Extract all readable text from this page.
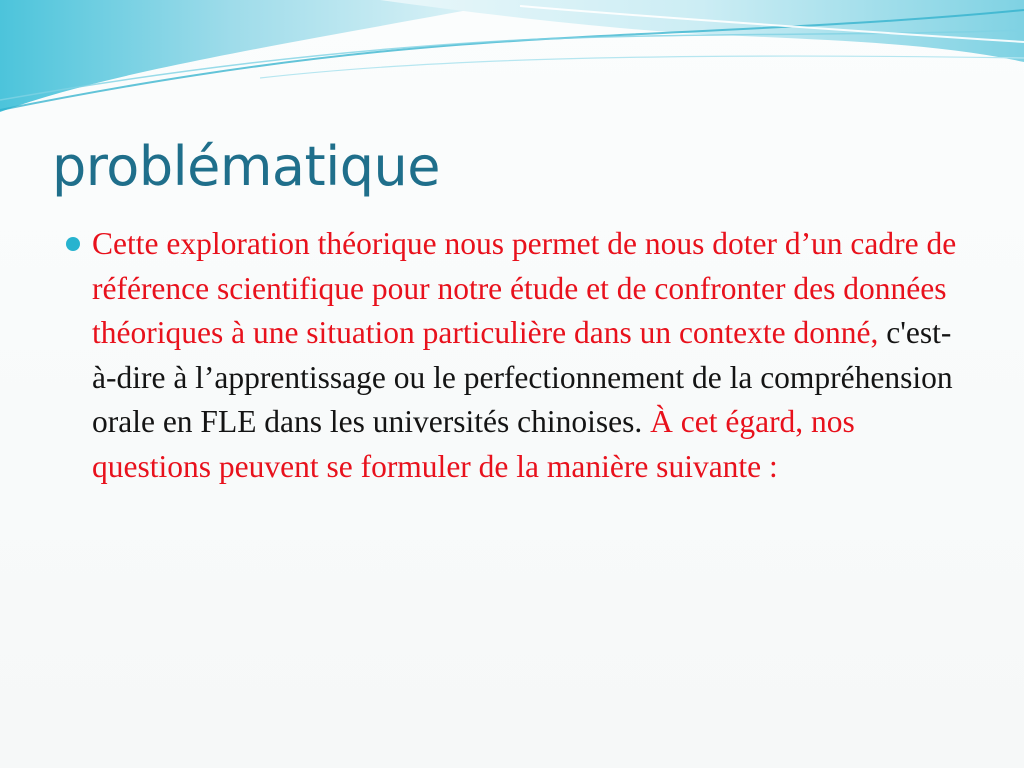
problématique
Cette exploration théorique nous permet de nous doter d’un cadre de référence scientifique pour notre étude et de confronter des données théoriques à une situation particulière dans un contexte donné, c'est-à-dire à l’apprentissage ou le perfectionnement de la compréhension orale en FLE dans les universités chinoises. À cet égard, nos questions peuvent se formuler de la manière suivante :
